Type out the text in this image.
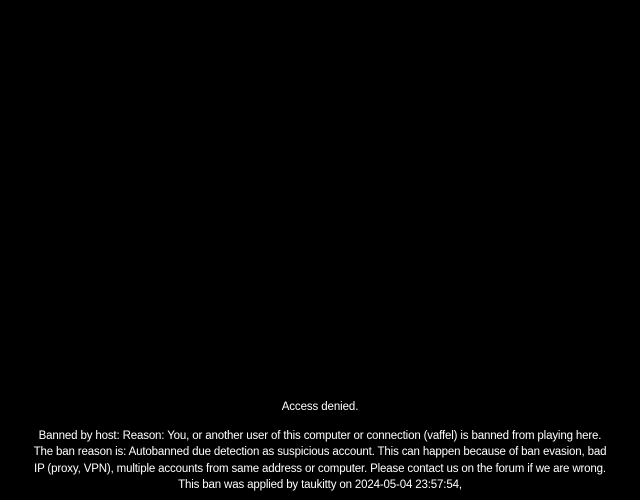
Access denied.
Banned by host: Reason: You, or another user of this computer or connection (vaffel) is banned from playing here.
The ban reason is: Autobanned due detection as suspicious account. This can happen because of ban evasion, bad
IP (proxy, VPN), multiple accounts from same address or computer. Please contact us on the forum if we are wrong.
This ban was applied by taukitty on 2024-05-04 23:57:54,
